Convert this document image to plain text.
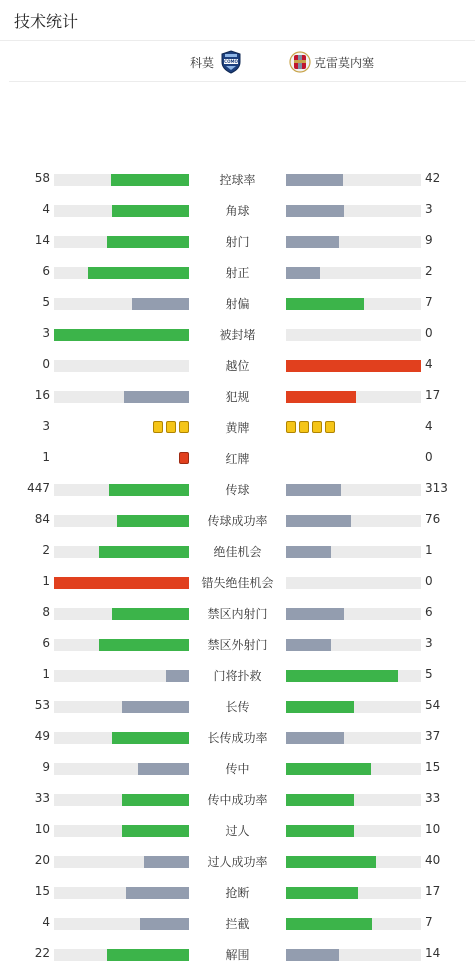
技术统计
科莫	COMO	克雷莫内塞
58	控球率	42
4	角球	3
14	射门	9
6	射正	2
5	射偏	7
3	被封堵	0
0	越位	4
16	犯规	17
3	黄牌	4
1	红牌	0
447	传球	313
84	传球成功率	76
2	绝佳机会	1
1	错失绝佳机会	0
8	禁区内射门	6
6	禁区外射门	3
1	门将扑救	5
53	长传	54
49	长传成功率	37
9	传中	15
33	传中成功率	33
10	过人	10
20	过人成功率	40
15	抢断	17
4	拦截	7
22	解围	14
